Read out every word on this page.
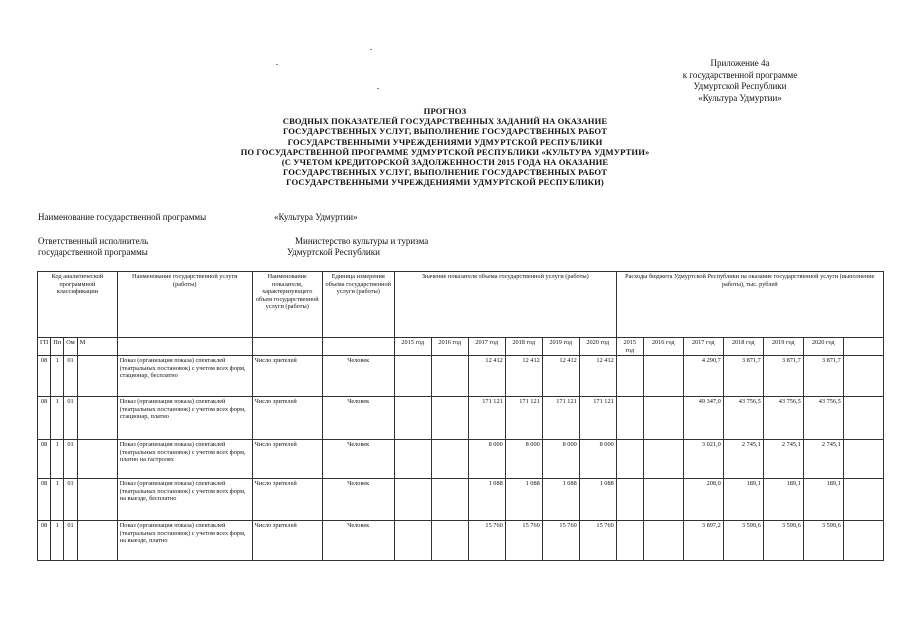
Приложение 4а
к государственной программе
Удмуртской Республики
«Культура Удмуртии»
ПРОГНОЗ
СВОДНЫХ ПОКАЗАТЕЛЕЙ ГОСУДАРСТВЕННЫХ ЗАДАНИЙ НА ОКАЗАНИЕ
ГОСУДАРСТВЕННЫХ УСЛУГ, ВЫПОЛНЕНИЕ ГОСУДАРСТВЕННЫХ РАБОТ
ГОСУДАРСТВЕННЫМИ УЧРЕЖДЕНИЯМИ УДМУРТСКОЙ РЕСПУБЛИКИ
ПО ГОСУДАРСТВЕННОЙ ПРОГРАММЕ УДМУРТСКОЙ РЕСПУБЛИКИ «КУЛЬТУРА УДМУРТИИ»
(С УЧЕТОМ КРЕДИТОРСКОЙ ЗАДОЛЖЕННОСТИ 2015 ГОДА НА ОКАЗАНИЕ
ГОСУДАРСТВЕННЫХ УСЛУГ, ВЫПОЛНЕНИЕ ГОСУДАРСТВЕННЫХ РАБОТ
ГОСУДАРСТВЕННЫМИ УЧРЕЖДЕНИЯМИ УДМУРТСКОЙ РЕСПУБЛИКИ)
Наименование государственной программы	«Культура Удмуртии»
Ответственный исполнитель
государственной программы
Министерство культуры и туризма
Удмуртской Республики
Код аналитической программной классификации				Наименование государственной услуги (работы)	Наименование показателя, характеризующего объем государственной услуги (работы)	Единица измерения объема государственной услуги (работы)	Значение показателя объема государственной услуги (работы)						Расходы бюджета Удмуртской Республики на оказание государственной услуги (выполнение работы), тыс. рублей						
ГП	Пп	Ом	М				2015 год	2016 год	2017 год	2018 год	2019 год	2020 год	2015 год	2016 год	2017 год	2018 год	2019 год	2020 год	
08	1	01		Показ (организация показа) спектаклей (театральных постановок) с учетом всех форм, стационар, бесплатно	Число зрителей	Человек			12 412	12 412	12 412	12 412			4 290,7	3 871,7	3 871,7	3 871,7	
08	1	01		Показ (организация показа) спектаклей (театральных постановок) с учетом всех форм, стационар, платно	Число зрителей	Человек			171 121	171 121	171 121	171 121			49 347,0	43 756,5	43 756,5	43 756,5	
08	1	01		Показ (организация показа) спектаклей (театральных постановок) с учетом всех форм, платно на гастролях	Число зрителей	Человек			8 000	8 000	8 000	8 000			3 021,0	2 745,1	2 745,1	2 745,1	
08	1	01		Показ (организация показа) спектаклей (театральных постановок) с учетом всех форм, на выезде, бесплатно	Число зрителей	Человек			1 088	1 088	1 088	1 088			208,0	189,1	189,1	189,1	
08	1	01		Показ (организация показа) спектаклей (театральных постановок) с учетом всех форм, на выезде, платно	Число зрителей	Человек			15 760	15 760	15 760	15 760			3 897,2	3 599,6	3 599,6	3 599,6	
